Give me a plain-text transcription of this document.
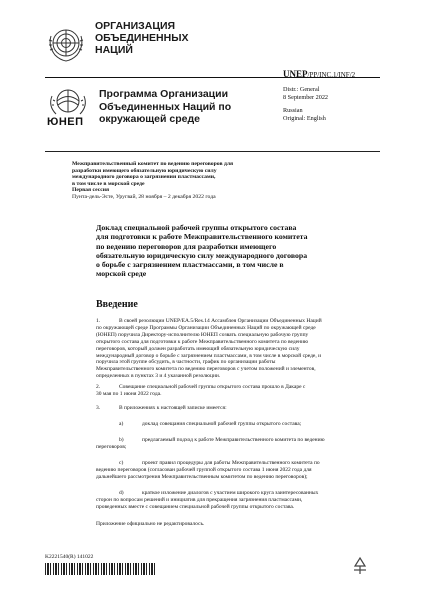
ОРГАНИЗАЦИЯ
ОБЪЕДИНЕННЫХ
НАЦИЙ
UNEP/PP/INC.1/INF/2
ЮНЕП
Программа Организации
Объединенных Наций по
окружающей среде
Distr.: General
8 September 2022
Russian
Original: English
Межправительственный комитет по ведению переговоров для
разработки имеющего обязательную юридическую силу
международного договора о загрязнении пластмассами,
в том числе в морской среде
Первая сессия
Пунта-дель-Эсте, Уругвай, 28 ноября – 2 декабря 2022 года
Доклад специальной рабочей группы открытого состава
для подготовки к работе Межправительственного комитета
по ведению переговоров для разработки имеющего
обязательную юридическую силу международного договора
о борьбе с загрязнением пластмассами, в том числе в
морской среде
Введение
1.	В своей резолюции UNEP/EA.5/Res.14 Ассамблея Организации Объединенных Наций
по окружающей среде Программы Организации Объединенных Наций по окружающей среде
(ЮНЕП) поручила Директору-исполнителю ЮНЕП созвать специальную рабочую группу
открытого состава для подготовки к работе Межправительственного комитета по ведению
переговоров, который должен разработать имеющий обязательную юридическую силу
международный договор о борьбе с загрязнением пластмассами, в том числе в морской среде, и
поручила этой группе обсудить, в частности, график по организации работы
Межправительственного комитета по ведению переговоров с учетом положений и элементов,
определенных в пунктах 3 и 4 указанной резолюции.
2.	Совещание специальной рабочей группы открытого состава прошло в Дакаре с
30 мая по 1 июня 2022 года.
3.	В приложениях к настоящей записке имеется:
a)	доклад совещания специальной рабочей группы открытого состава;
b)	предлагаемый подход к работе Межправительственного комитета по ведению
переговоров;
c)	проект правил процедуры для работы Межправительственного комитета по
ведению переговоров (согласован рабочей группой открытого состава 1 июня 2022 года для
дальнейшего рассмотрения Межправительственным комитетом по ведению переговоров);
d)	краткое изложение диалогов с участием широкого круга заинтересованных
сторон по вопросам решений и инициатив для прекращения загрязнения пластмассами,
проведенных вместе с совещанием специальной рабочей группы открытого состава.
Приложение официально не редактировалось.
K2221540(R) 141022
